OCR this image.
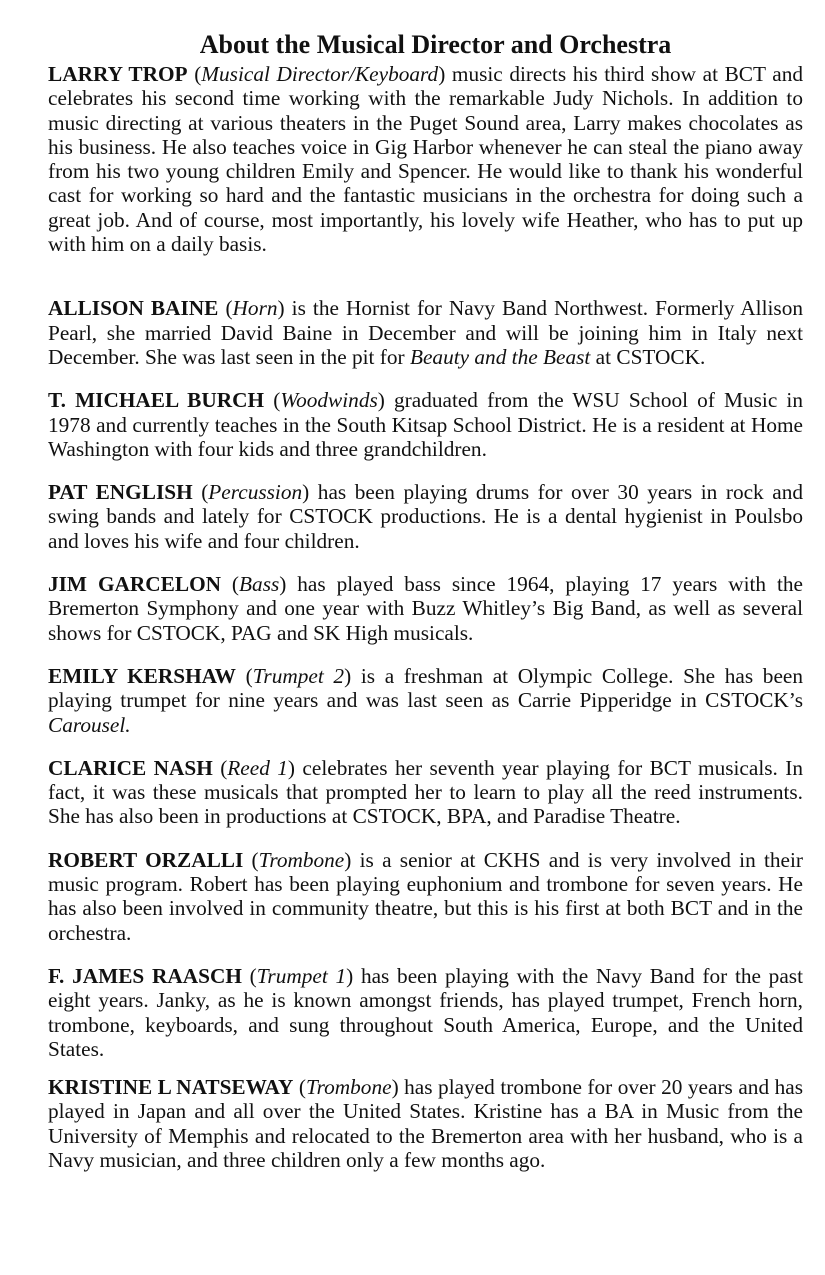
About the Musical Director and Orchestra

LARRY TROP (Musical Director/Keyboard) music directs his third show at BCT and celebrates his second time working with the remarkable Judy Nichols. In addition to music directing at various theaters in the Puget Sound area, Larry makes chocolates as his business. He also teaches voice in Gig Harbor whenever he can steal the piano away from his two young children Emily and Spencer. He would like to thank his wonderful cast for working so hard and the fantastic musicians in the orchestra for doing such a great job. And of course, most importantly, his lovely wife Heather, who has to put up with him on a daily basis.

ALLISON BAINE (Horn) is the Hornist for Navy Band Northwest. Formerly Allison Pearl, she married David Baine in December and will be joining him in Italy next December. She was last seen in the pit for Beauty and the Beast at CSTOCK.

T. MICHAEL BURCH (Woodwinds) graduated from the WSU School of Music in 1978 and currently teaches in the South Kitsap School District. He is a resident at Home Washington with four kids and three grandchildren.

PAT ENGLISH (Percussion) has been playing drums for over 30 years in rock and swing bands and lately for CSTOCK productions. He is a dental hygienist in Poulsbo and loves his wife and four children.

JIM GARCELON (Bass) has played bass since 1964, playing 17 years with the Bremerton Symphony and one year with Buzz Whitley’s Big Band, as well as several shows for CSTOCK, PAG and SK High musicals.

EMILY KERSHAW (Trumpet 2) is a freshman at Olympic College. She has been playing trumpet for nine years and was last seen as Carrie Pipperidge in CSTOCK’s Carousel.

CLARICE NASH (Reed 1) celebrates her seventh year playing for BCT musicals. In fact, it was these musicals that prompted her to learn to play all the reed instruments. She has also been in productions at CSTOCK, BPA, and Paradise Theatre.

ROBERT ORZALLI (Trombone) is a senior at CKHS and is very involved in their music program. Robert has been playing euphonium and trombone for seven years. He has also been involved in community theatre, but this is his first at both BCT and in the orchestra.

F. JAMES RAASCH (Trumpet 1) has been playing with the Navy Band for the past eight years. Janky, as he is known amongst friends, has played trumpet, French horn, trombone, keyboards, and sung throughout South America, Europe, and the United States.

KRISTINE L NATSEWAY (Trombone) has played trombone for over 20 years and has played in Japan and all over the United States. Kristine has a BA in Music from the University of Memphis and relocated to the Bremerton area with her husband, who is a Navy musician, and three children only a few months ago.
